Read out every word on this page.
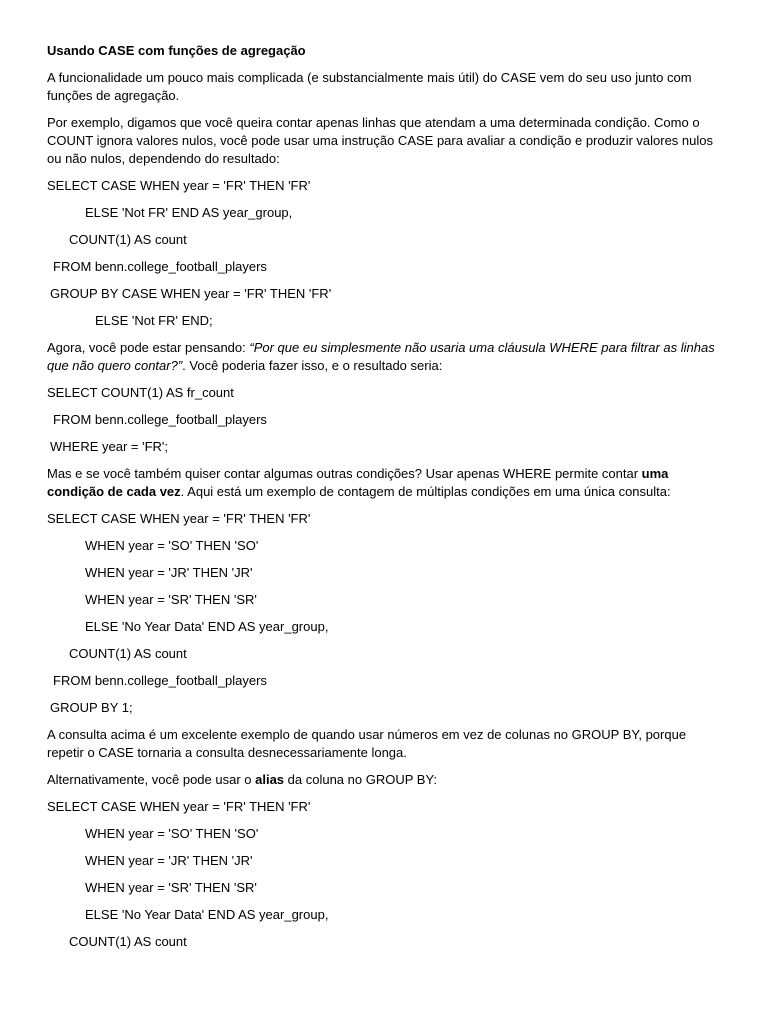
Usando CASE com funções de agregação

A funcionalidade um pouco mais complicada (e substancialmente mais útil) do CASE vem do seu uso junto com funções de agregação.

Por exemplo, digamos que você queira contar apenas linhas que atendam a uma determinada condição. Como o COUNT ignora valores nulos, você pode usar uma instrução CASE para avaliar a condição e produzir valores nulos ou não nulos, dependendo do resultado:

SELECT CASE WHEN year = 'FR' THEN 'FR'

ELSE 'Not FR' END AS year_group,

COUNT(1) AS count

FROM benn.college_football_players

GROUP BY CASE WHEN year = 'FR' THEN 'FR'

ELSE 'Not FR' END;

Agora, você pode estar pensando: “Por que eu simplesmente não usaria uma cláusula WHERE para filtrar as linhas que não quero contar?”. Você poderia fazer isso, e o resultado seria:

SELECT COUNT(1) AS fr_count

FROM benn.college_football_players

WHERE year = 'FR';

Mas e se você também quiser contar algumas outras condições? Usar apenas WHERE permite contar uma condição de cada vez. Aqui está um exemplo de contagem de múltiplas condições em uma única consulta:

SELECT CASE WHEN year = 'FR' THEN 'FR'

WHEN year = 'SO' THEN 'SO'

WHEN year = 'JR' THEN 'JR'

WHEN year = 'SR' THEN 'SR'

ELSE 'No Year Data' END AS year_group,

COUNT(1) AS count

FROM benn.college_football_players

GROUP BY 1;

A consulta acima é um excelente exemplo de quando usar números em vez de colunas no GROUP BY, porque repetir o CASE tornaria a consulta desnecessariamente longa.

Alternativamente, você pode usar o alias da coluna no GROUP BY:

SELECT CASE WHEN year = 'FR' THEN 'FR'

WHEN year = 'SO' THEN 'SO'

WHEN year = 'JR' THEN 'JR'

WHEN year = 'SR' THEN 'SR'

ELSE 'No Year Data' END AS year_group,

COUNT(1) AS count
